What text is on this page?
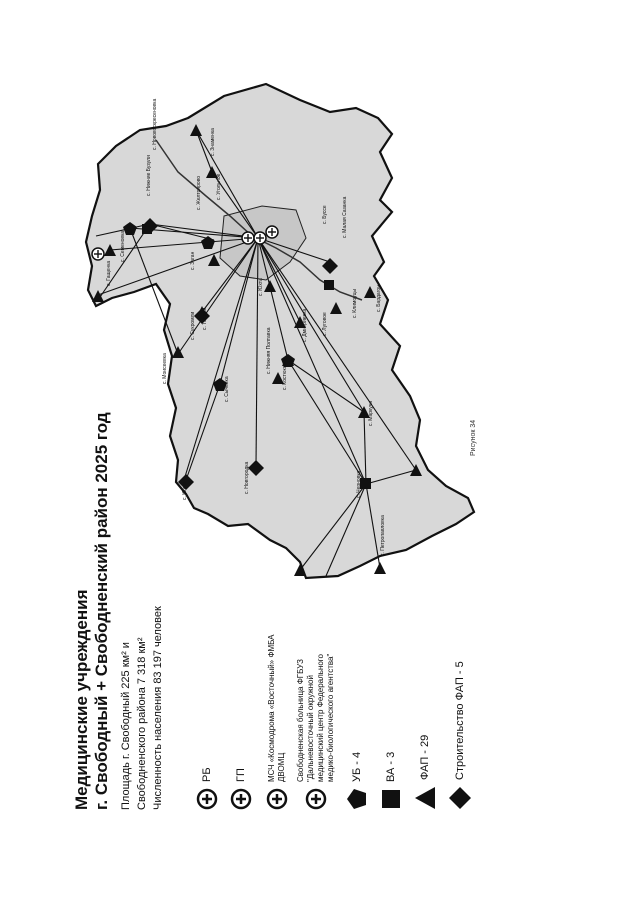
с. Нововоскресеновка
с. Моисеевка	с. Костюковка
с. Нижние Бузули
с. Малая Сазанка
с. Петропавловка
с. Черновка
с. Юхта
с. Талали
с. Новгородка
с. Сычевка
с. Заган
с. Гащенка
с. Нижняя Полтавка
с. Маркучи
с. Луговое
с. Дмитриевка
с. Семеновка
с. Угольное
с. Климоуцы
с. Сукромли
с. Юхта	с. Бардагон
с. Буссе
с. Желтоярово
с. Знаменка
Рисунок 34
Медицинские учреждения г. Свободный + Свободненский район 2025 год Площадь г. Свободный 225 км² и Свободненского района 7 318 км² Численность населения 83 197 человек	РБ ГП	МСЧ «Космодрома «Восточный» ФМБА ДВОМЦ Свободненская больница ФГБУЗ "Дальневосточный окружной медицинский центр Федерального медико-биологического агентства" УБ - 4 ВА - 3 ФАП - 29 Строительство ФАП - 5
